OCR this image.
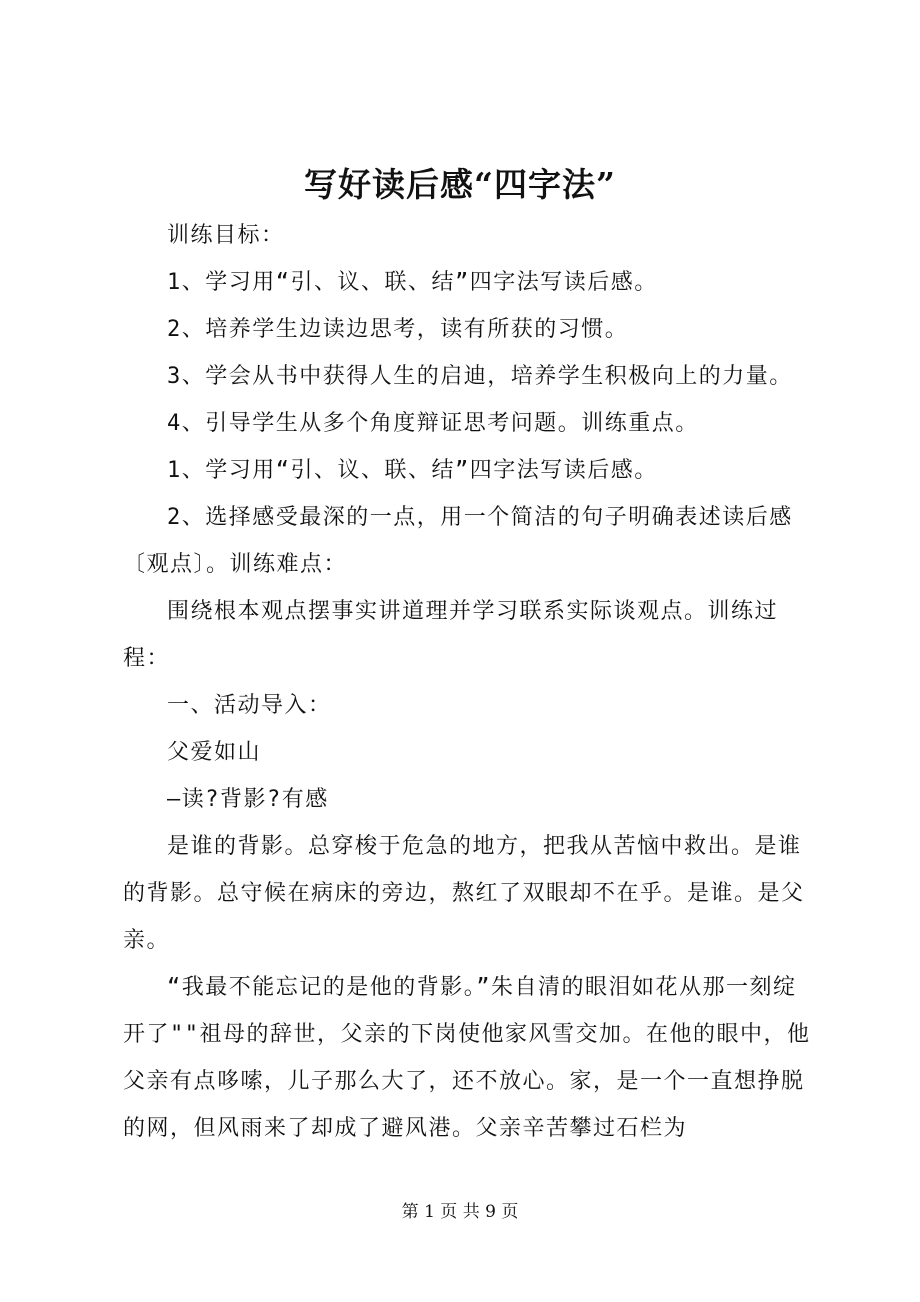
写好读后感“四字法”

训练目标：

1、学习用“引、议、联、结”四字法写读后感。

2、培养学生边读边思考，读有所获的习惯。

3、学会从书中获得人生的启迪，培养学生积极向上的力量。

4、引导学生从多个角度辩证思考问题。训练重点。

1、学习用“引、议、联、结”四字法写读后感。

2、选择感受最深的一点，用一个简洁的句子明确表述读后感〔观点〕。训练难点：

围绕根本观点摆事实讲道理并学习联系实际谈观点。训练过程：

一、活动导入：

父爱如山

—读?背影?有感

是谁的背影。总穿梭于危急的地方，把我从苦恼中救出。是谁的背影。总守候在病床的旁边，熬红了双眼却不在乎。是谁。是父亲。

“我最不能忘记的是他的背影。”朱自清的眼泪如花从那一刻绽开了""祖母的辞世，父亲的下岗使他家风雪交加。在他的眼中，他父亲有点哆嗦，儿子那么大了，还不放心。家，是一个一直想挣脱的网，但风雨来了却成了避风港。父亲辛苦攀过石栏为

第 1 页 共 9 页
